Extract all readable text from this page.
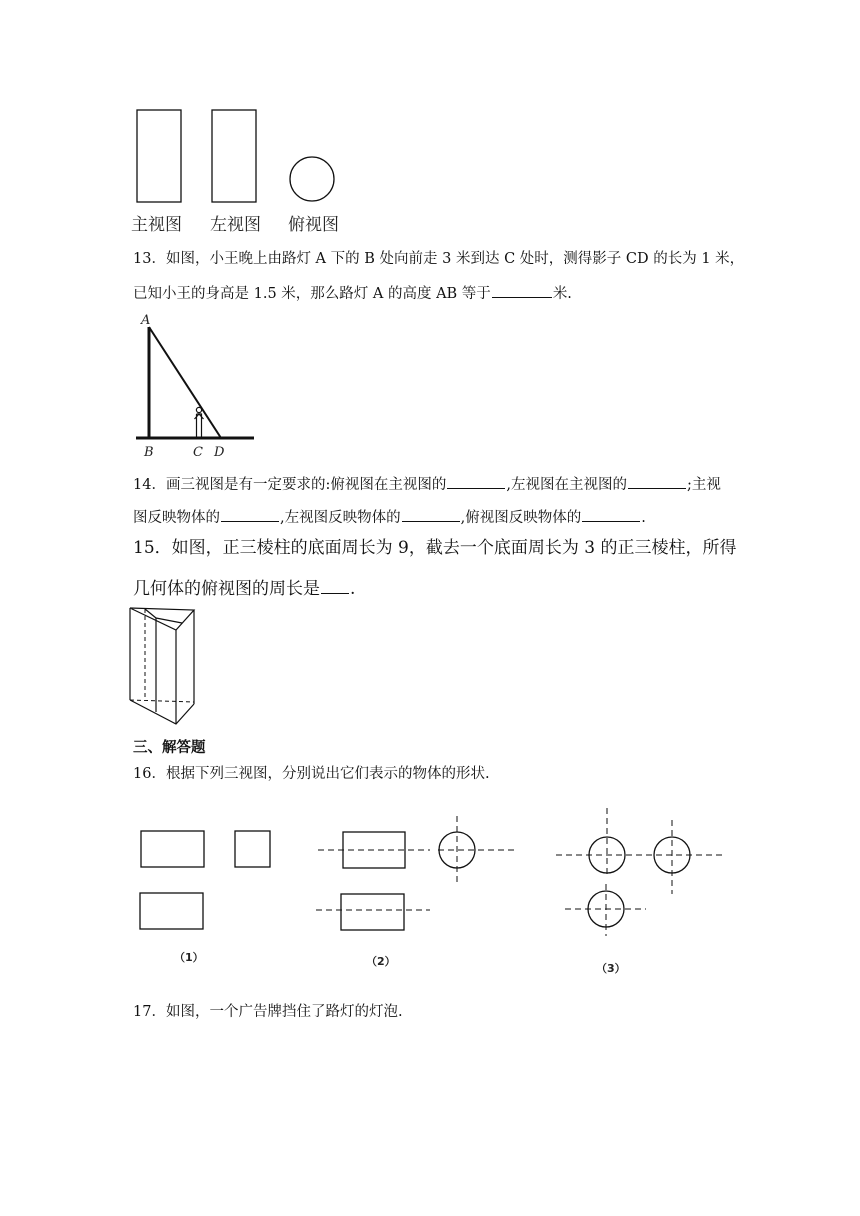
主视图 左视图 俯视图
13．如图，小王晚上由路灯 A 下的 B 处向前走 3 米到达 C 处时，测得影子 CD 的长为 1 米，
已知小王的身高是 1.5 米，那么路灯 A 的高度 AB 等于	米.
A
B	C D
14．画三视图是有一定要求的:俯视图在主视图的	,左视图在主视图的	;主视
图反映物体的	,左视图反映物体的	,俯视图反映物体的	.
15．如图，正三棱柱的底面周长为 9，截去一个底面周长为 3 的正三棱柱，所得
几何体的俯视图的周长是 .
三、解答题
16．根据下列三视图，分别说出它们表示的物体的形状.
（1）	（2）
（3）
17．如图，一个广告牌挡住了路灯的灯泡.
